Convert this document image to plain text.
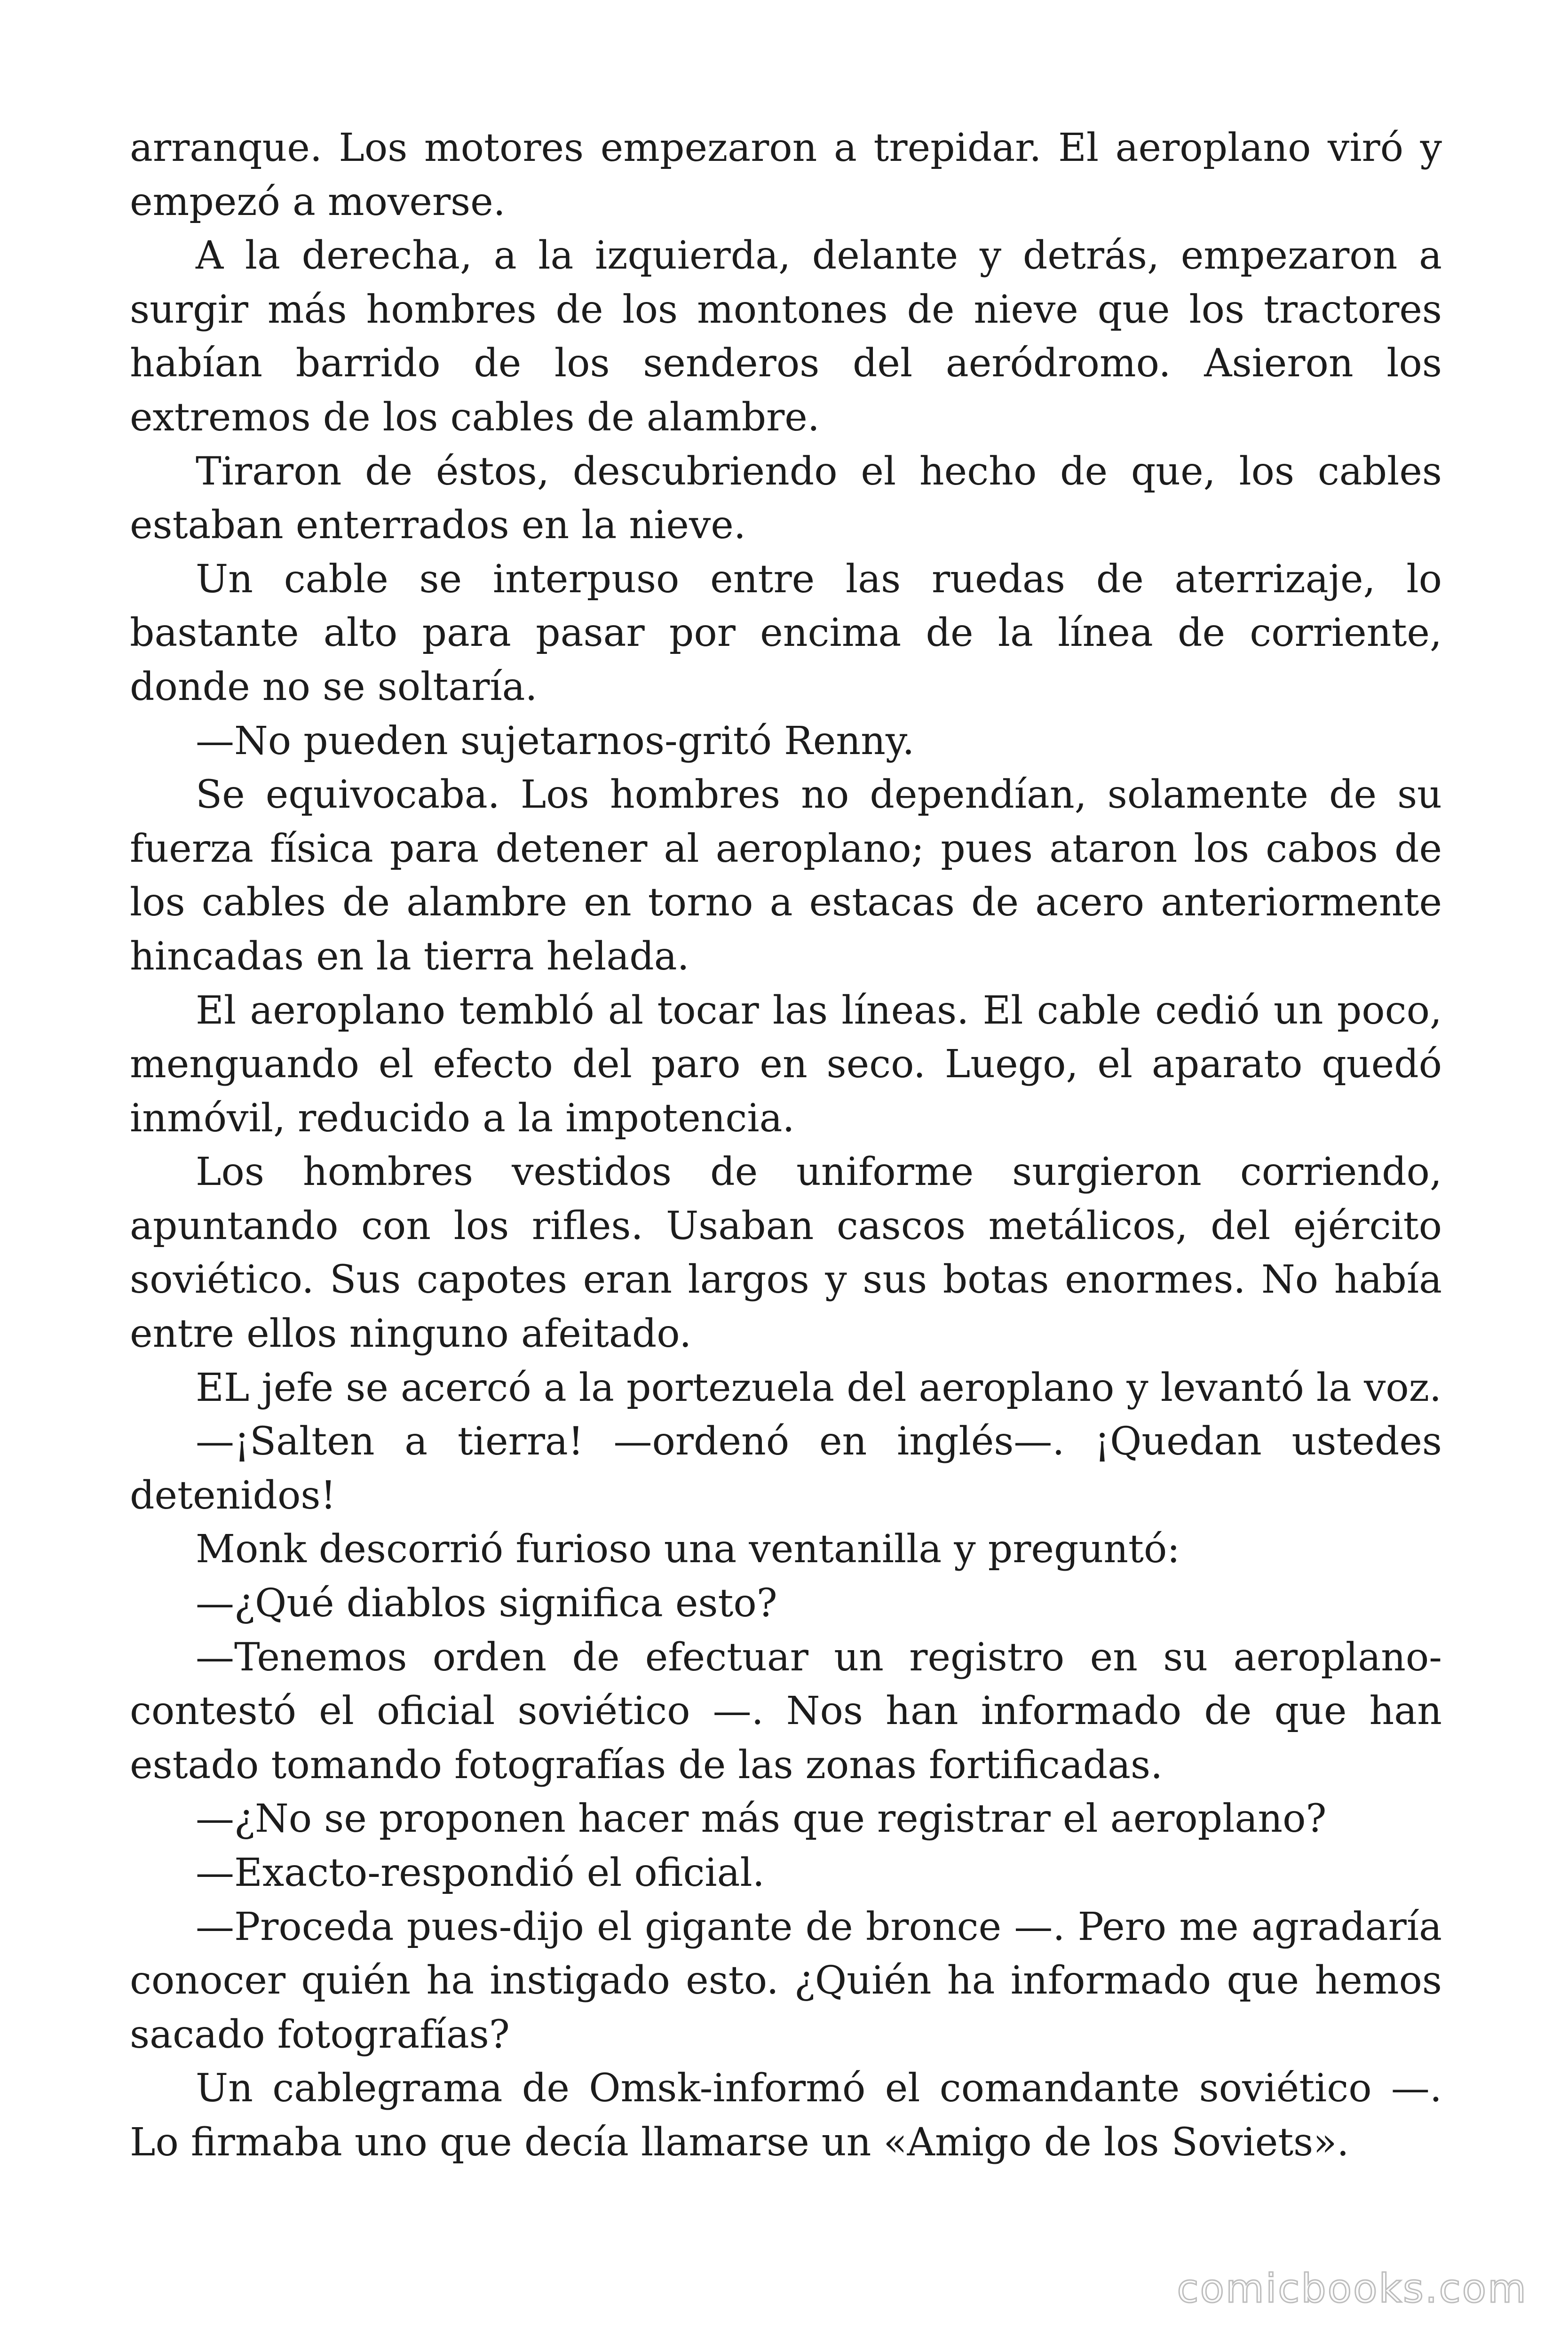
arranque. Los motores empezaron a trepidar. El aeroplano viró y empezó a moverse.

A la derecha, a la izquierda, delante y detrás, empezaron a surgir más hombres de los montones de nieve que los tractores habían barrido de los senderos del aeródromo. Asieron los extremos de los cables de alambre.

Tiraron de éstos, descubriendo el hecho de que, los cables estaban enterrados en la nieve.

Un cable se interpuso entre las ruedas de aterrizaje, lo bastante alto para pasar por encima de la línea de corriente, donde no se soltaría.

—No pueden sujetarnos-gritó Renny.

Se equivocaba. Los hombres no dependían, solamente de su fuerza física para detener al aeroplano; pues ataron los cabos de los cables de alambre en torno a estacas de acero anteriormente hincadas en la tierra helada.

El aeroplano tembló al tocar las líneas. El cable cedió un poco, menguando el efecto del paro en seco. Luego, el aparato quedó inmóvil, reducido a la impotencia.

Los hombres vestidos de uniforme surgieron corriendo, apuntando con los rifles. Usaban cascos metálicos, del ejército soviético. Sus capotes eran largos y sus botas enormes. No había entre ellos ninguno afeitado.

EL jefe se acercó a la portezuela del aeroplano y levantó la voz.

—¡Salten a tierra! —ordenó en inglés—. ¡Quedan ustedes detenidos!

Monk descorrió furioso una ventanilla y preguntó:

—¿Qué diablos significa esto?

—Tenemos orden de efectuar un registro en su aeroplano-contestó el oficial soviético —. Nos han informado de que han estado tomando fotografías de las zonas fortificadas.

—¿No se proponen hacer más que registrar el aeroplano?

—Exacto-respondió el oficial.

—Proceda pues-dijo el gigante de bronce —. Pero me agradaría conocer quién ha instigado esto. ¿Quién ha informado que hemos sacado fotografías?

Un cablegrama de Omsk-informó el comandante soviético —. Lo firmaba uno que decía llamarse un «Amigo de los Soviets».

comicbooks.com
